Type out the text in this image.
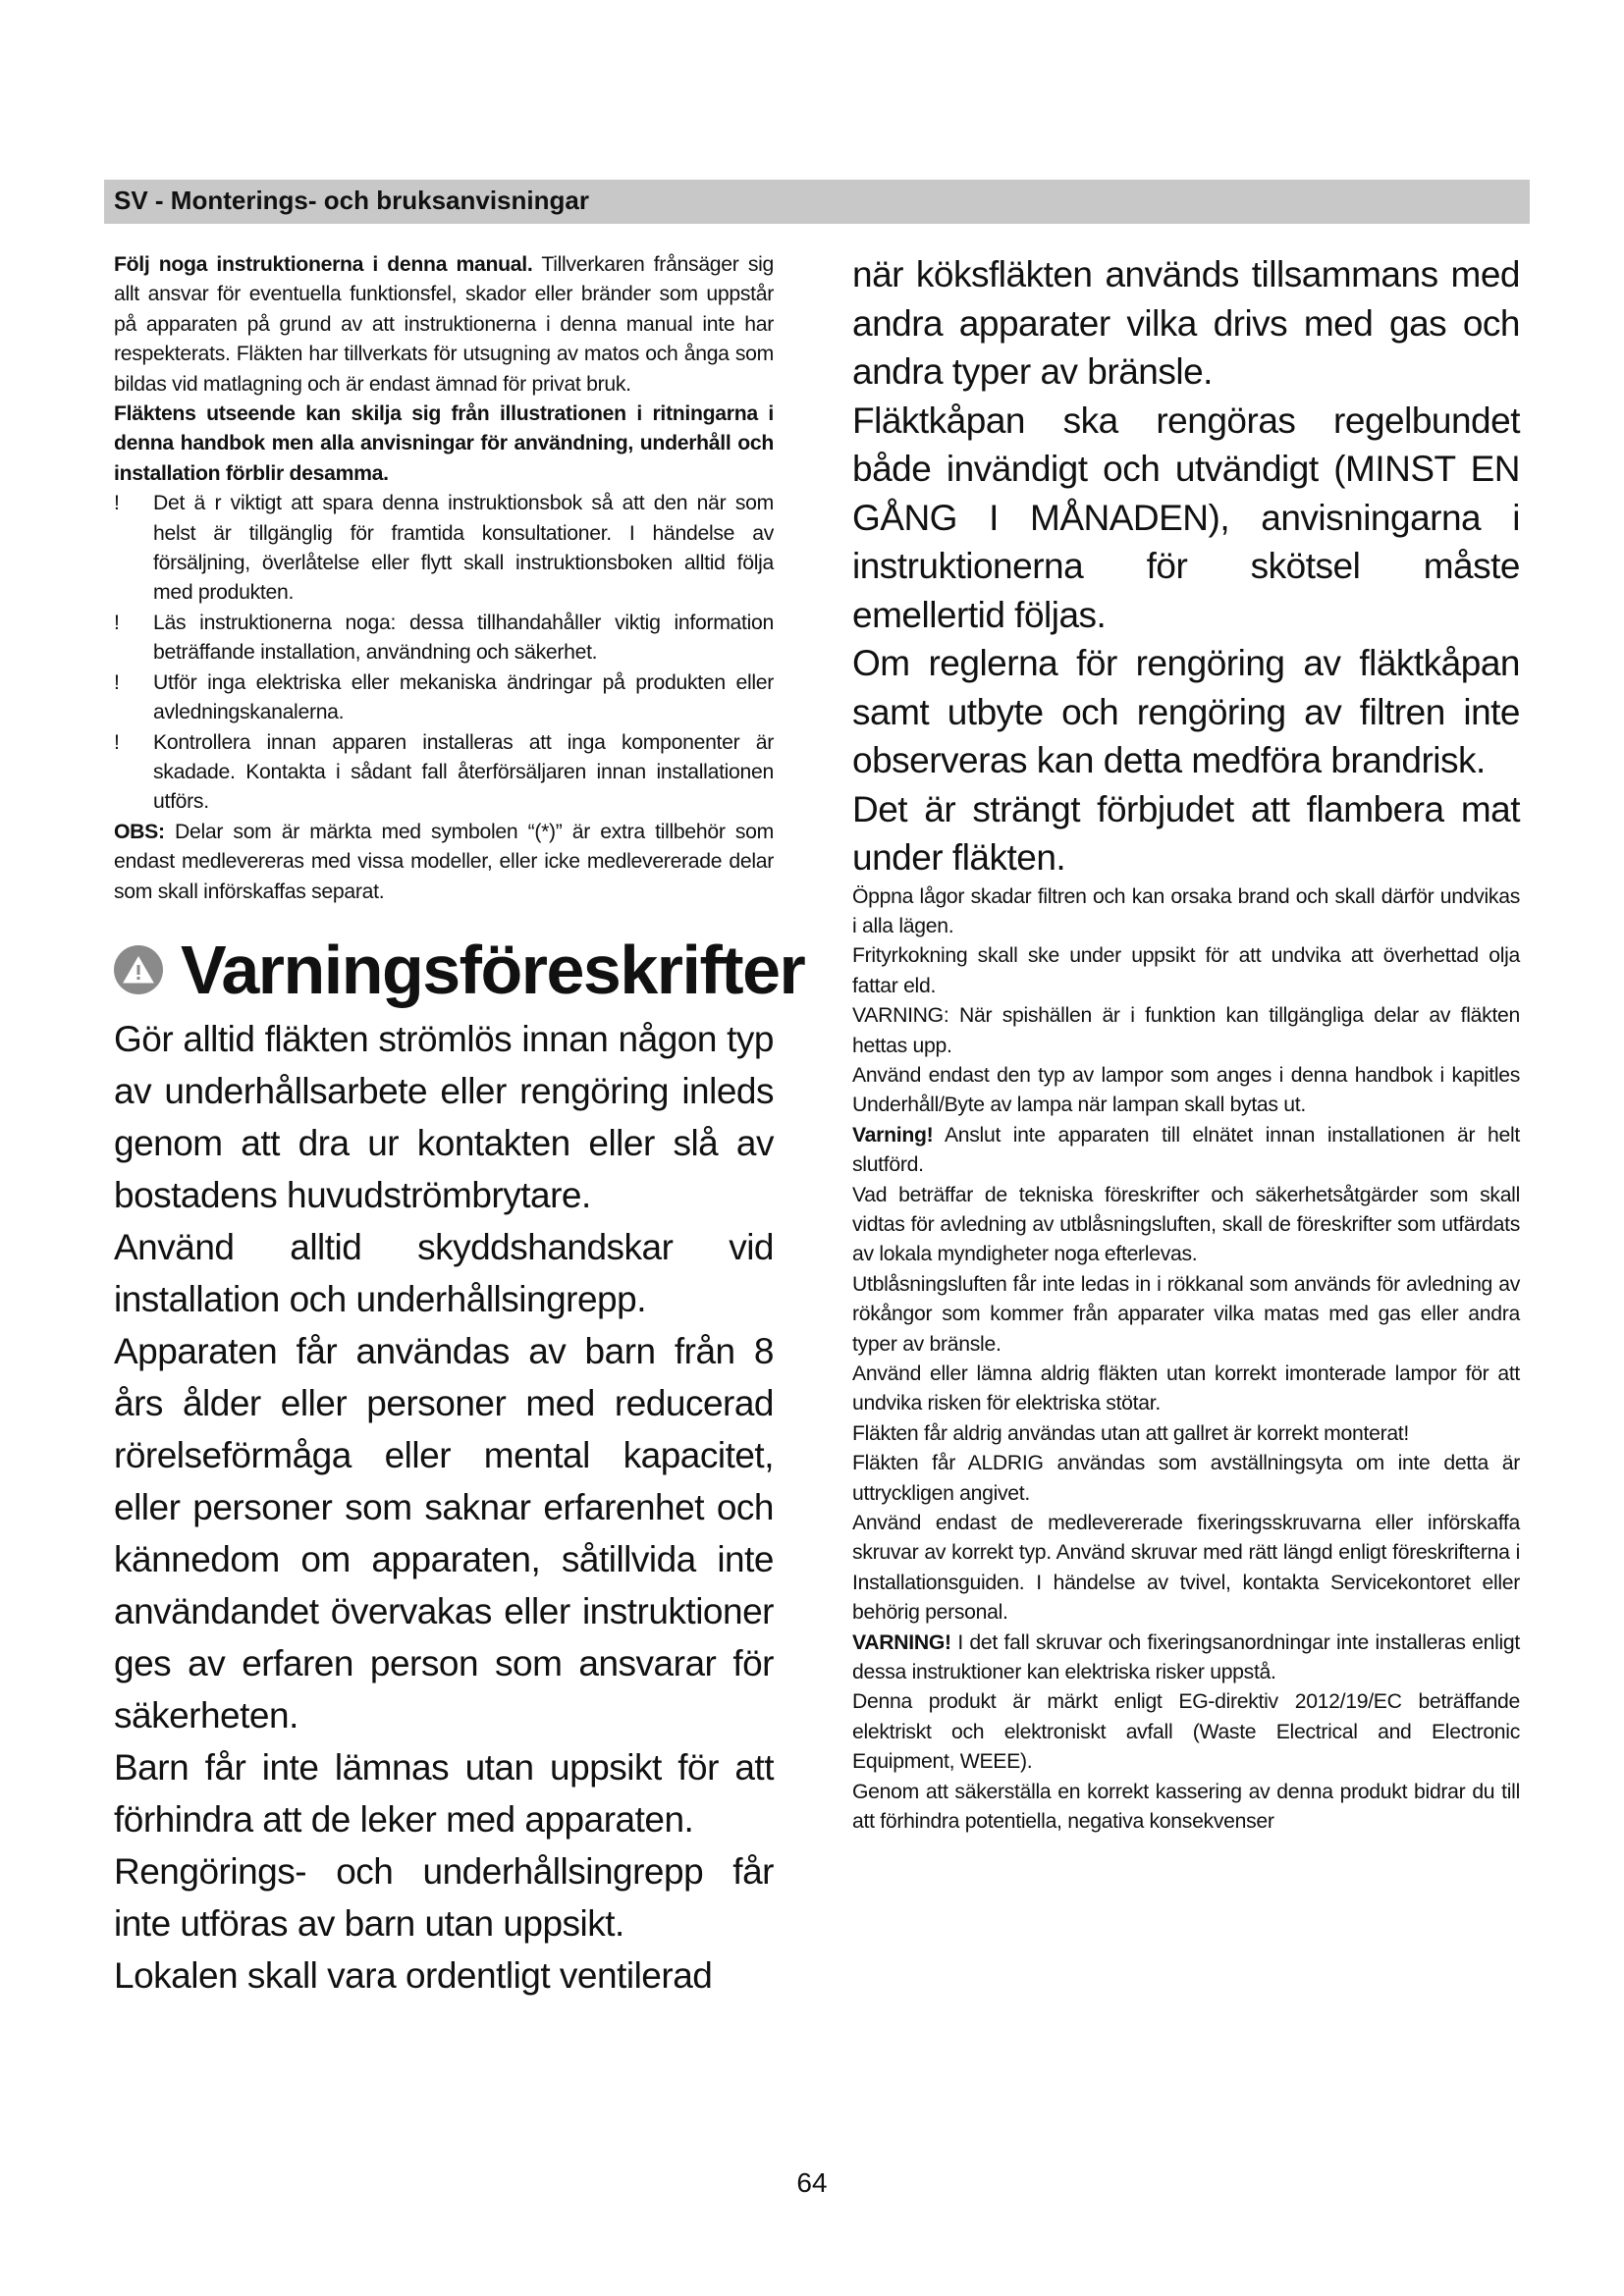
SV - Monterings- och bruksanvisningar

Följ noga instruktionerna i denna manual. Tillverkaren frånsäger sig allt ansvar för eventuella funktionsfel, skador eller bränder som uppstår på apparaten på grund av att instruktionerna i denna manual inte har respekterats. Fläkten har tillverkats för utsugning av matos och ånga som bildas vid matlagning och är endast ämnad för privat bruk.

Fläktens utseende kan skilja sig från illustrationen i ritningarna i denna handbok men alla anvisningar för användning, underhåll och installation förblir desamma.

!	Det ä r viktigt att spara denna instruktionsbok så att den när som helst är tillgänglig för framtida konsultationer. I händelse av försäljning, överlåtelse eller flytt skall instruktionsboken alltid följa med produkten.
!	Läs instruktionerna noga: dessa tillhandahåller viktig information beträffande installation, användning och säkerhet.
!	Utför inga elektriska eller mekaniska ändringar på produkten eller avledningskanalerna.
!	Kontrollera innan apparen installeras att inga komponenter är skadade. Kontakta i sådant fall återförsäljaren innan installationen utförs.

OBS: Delar som är märkta med symbolen “(*)” är extra tillbehör som endast medlevereras med vissa modeller, eller icke medlevererade delar som skall införskaffas separat.

Varningsföreskrifter

Gör alltid fläkten strömlös innan någon typ av underhållsarbete eller rengöring inleds genom att dra ur kontakten eller slå av bostadens huvudströmbrytare.

Använd alltid skyddshandskar vid installation och underhållsingrepp.

Apparaten får användas av barn från 8 års ålder eller personer med reducerad rörelseförmåga eller mental kapacitet, eller personer som saknar erfarenhet och kännedom om apparaten, såtillvida inte användandet övervakas eller instruktioner ges av erfaren person som ansvarar för säkerheten.

Barn får inte lämnas utan uppsikt för att förhindra att de leker med apparaten.

Rengörings- och underhållsingrepp får inte utföras av barn utan uppsikt.

Lokalen skall vara ordentligt ventilerad

när köksfläkten används tillsammans med andra apparater vilka drivs med gas och andra typer av bränsle.

Fläktkåpan ska rengöras regelbundet både invändigt och utvändigt (MINST EN GÅNG I MÅNADEN), anvisningarna i instruktionerna för skötsel måste emellertid följas.

Om reglerna för rengöring av fläktkåpan samt utbyte och rengöring av filtren inte observeras kan detta medföra brandrisk.

Det är strängt förbjudet att flambera mat under fläkten.

Öppna lågor skadar filtren och kan orsaka brand och skall därför undvikas i alla lägen.

Frityrkokning skall ske under uppsikt för att undvika att överhettad olja fattar eld.

VARNING: När spishällen är i funktion kan tillgängliga delar av fläkten hettas upp.

Använd endast den typ av lampor som anges i denna handbok i kapitles Underhåll/Byte av lampa när lampan skall bytas ut.

Varning! Anslut inte apparaten till elnätet innan installationen är helt slutförd.

Vad beträffar de tekniska föreskrifter och säkerhetsåtgärder som skall vidtas för avledning av utblåsningsluften, skall de föreskrifter som utfärdats av lokala myndigheter noga efterlevas.

Utblåsningsluften får inte ledas in i rökkanal som används för avledning av rökångor som kommer från apparater vilka matas med gas eller andra typer av bränsle.

Använd eller lämna aldrig fläkten utan korrekt imonterade lampor för att undvika risken för elektriska stötar.

Fläkten får aldrig användas utan att gallret är korrekt monterat!

Fläkten får ALDRIG användas som avställningsyta om inte detta är uttryckligen angivet.

Använd endast de medlevererade fixeringsskruvarna eller införskaffa skruvar av korrekt typ. Använd skruvar med rätt längd enligt föreskrifterna i Installationsguiden. I händelse av tvivel, kontakta Servicekontoret eller behörig personal.

VARNING! I det fall skruvar och fixeringsanordningar inte installeras enligt dessa instruktioner kan elektriska risker uppstå.

Denna produkt är märkt enligt EG-direktiv 2012/19/EC beträffande elektriskt och elektroniskt avfall (Waste Electrical and Electronic Equipment, WEEE).

Genom att säkerställa en korrekt kassering av denna produkt bidrar du till att förhindra potentiella, negativa konsekvenser

64
